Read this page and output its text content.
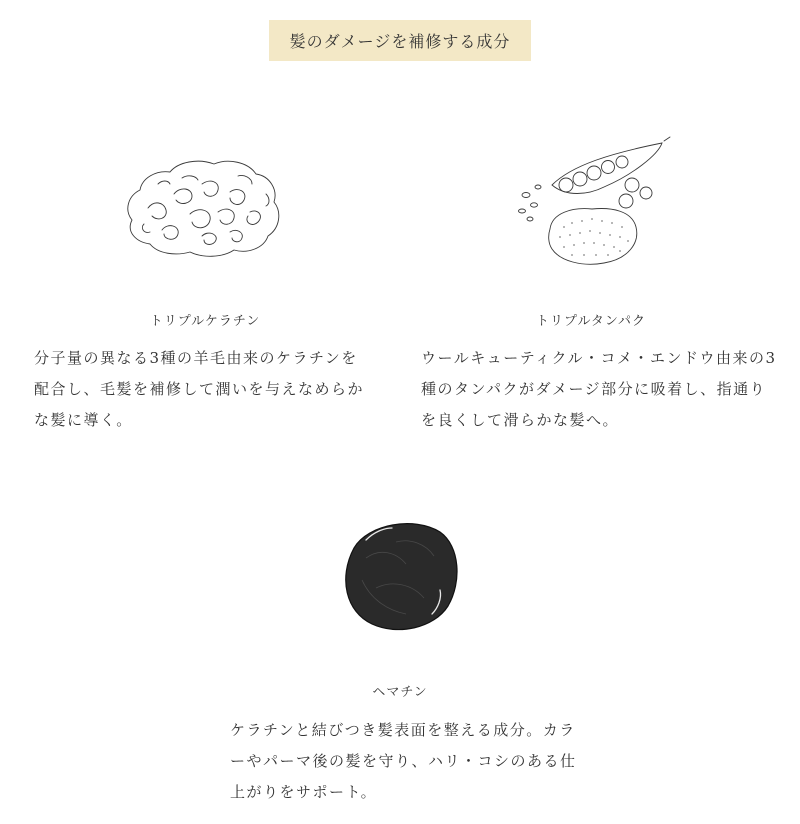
髪のダメージを補修する成分
トリプルケラチン
分子量の異なる3種の羊毛由来のケラチンを
配合し、毛髪を補修して潤いを与えなめらか
な髪に導く。
トリプルタンパク
ウールキューティクル・コメ・エンドウ由来の3
種のタンパクがダメージ部分に吸着し、指通り
を良くして滑らかな髪へ。
ヘマチン
ケラチンと結びつき髪表面を整える成分。カラ
ーやパーマ後の髪を守り、ハリ・コシのある仕
上がりをサポート。
